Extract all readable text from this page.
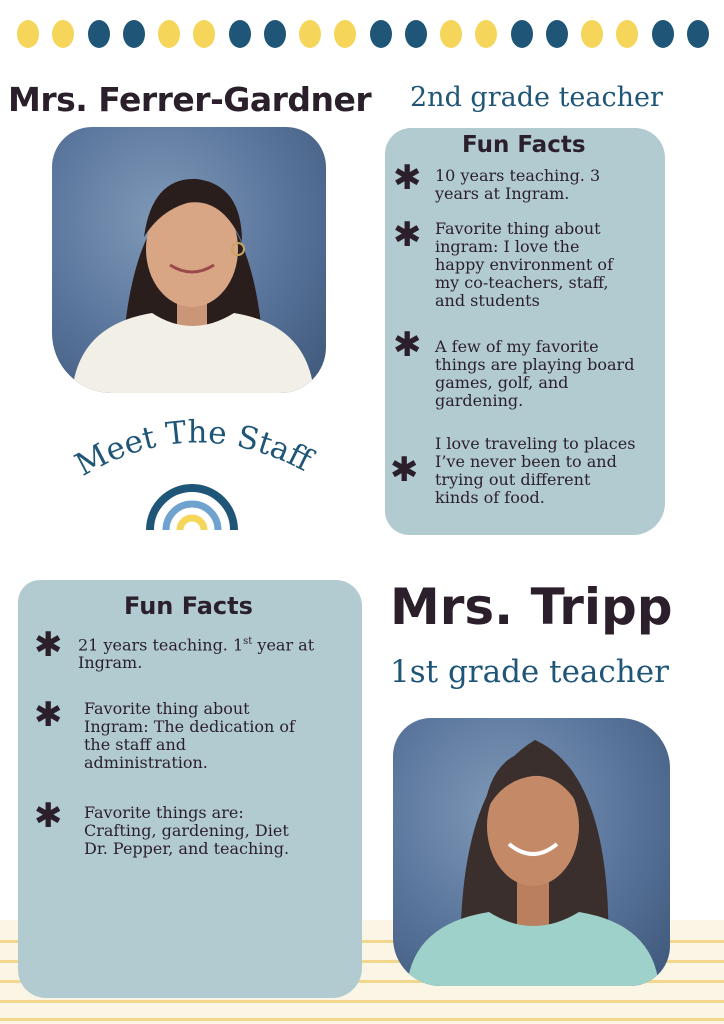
Mrs. Ferrer-Gardner 2nd grade teacher
Fun Facts
✱ 10 years teaching. 3
years at Ingram.
✱ Favorite thing about
ingram: I love the
happy environment of
my co-teachers, staff,
and students
✱ A few of my favorite
things are playing board
games, golf, and
gardening.
✱
I love traveling to places
I’ve never been to and
trying out different
kinds of food.
Meet The Staff
Fun Facts
✱ 21 years teaching. 1st year at
Ingram.
✱ Favorite thing about
Ingram: The dedication of
the staff and
administration.
✱ Favorite things are:
Crafting, gardening, Diet
Dr. Pepper, and teaching.
Mrs. Tripp
1st grade teacher
